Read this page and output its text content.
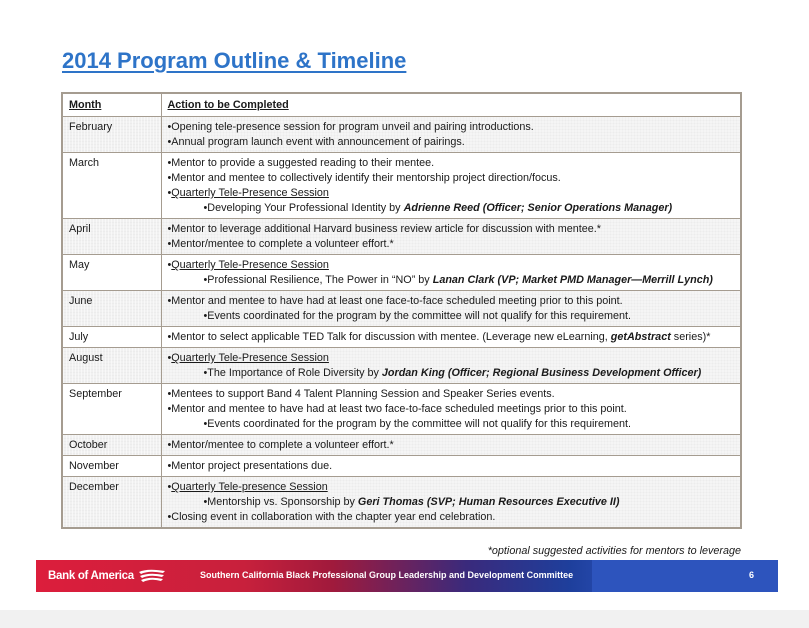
2014 Program Outline & Timeline
Month	Action to be Completed
February	•Opening tele-presence session for program unveil and pairing introductions.
•Annual program launch event with announcement of pairings.

March	•Mentor to provide a suggested reading to their mentee.
•Mentor and mentee to collectively identify their mentorship project direction/focus.
•Quarterly Tele-Presence Session
•Developing Your Professional Identity by Adrienne Reed (Officer; Senior Operations Manager)

April	•Mentor to leverage additional Harvard business review article for discussion with mentee.*
•Mentor/mentee to complete a volunteer effort.*

May	•Quarterly Tele-Presence Session
•Professional Resilience, The Power in “NO” by Lanan Clark (VP; Market PMD Manager—Merrill Lynch)

June	•Mentor and mentee to have had at least one face-to-face scheduled meeting prior to this point.
•Events coordinated for the program by the committee will not qualify for this requirement.

July	•Mentor to select applicable TED Talk for discussion with mentee. (Leverage new eLearning, getAbstract series)*

August	•Quarterly Tele-Presence Session
•The Importance of Role Diversity by Jordan King (Officer; Regional Business Development Officer)

September	•Mentees to support Band 4 Talent Planning Session and Speaker Series events.
•Mentor and mentee to have had at least two face-to-face scheduled meetings prior to this point.
•Events coordinated for the program by the committee will not qualify for this requirement.

October	•Mentor/mentee to complete a volunteer effort.*

November	•Mentor project presentations due.

December	•Quarterly Tele-presence Session
•Mentorship vs. Sponsorship by Geri Thomas (SVP; Human Resources Executive II)
•Closing event in collaboration with the chapter year end celebration.
*optional suggested activities for mentors to leverage
Bank of America	Southern California Black Professional Group Leadership and Development Committee	6
